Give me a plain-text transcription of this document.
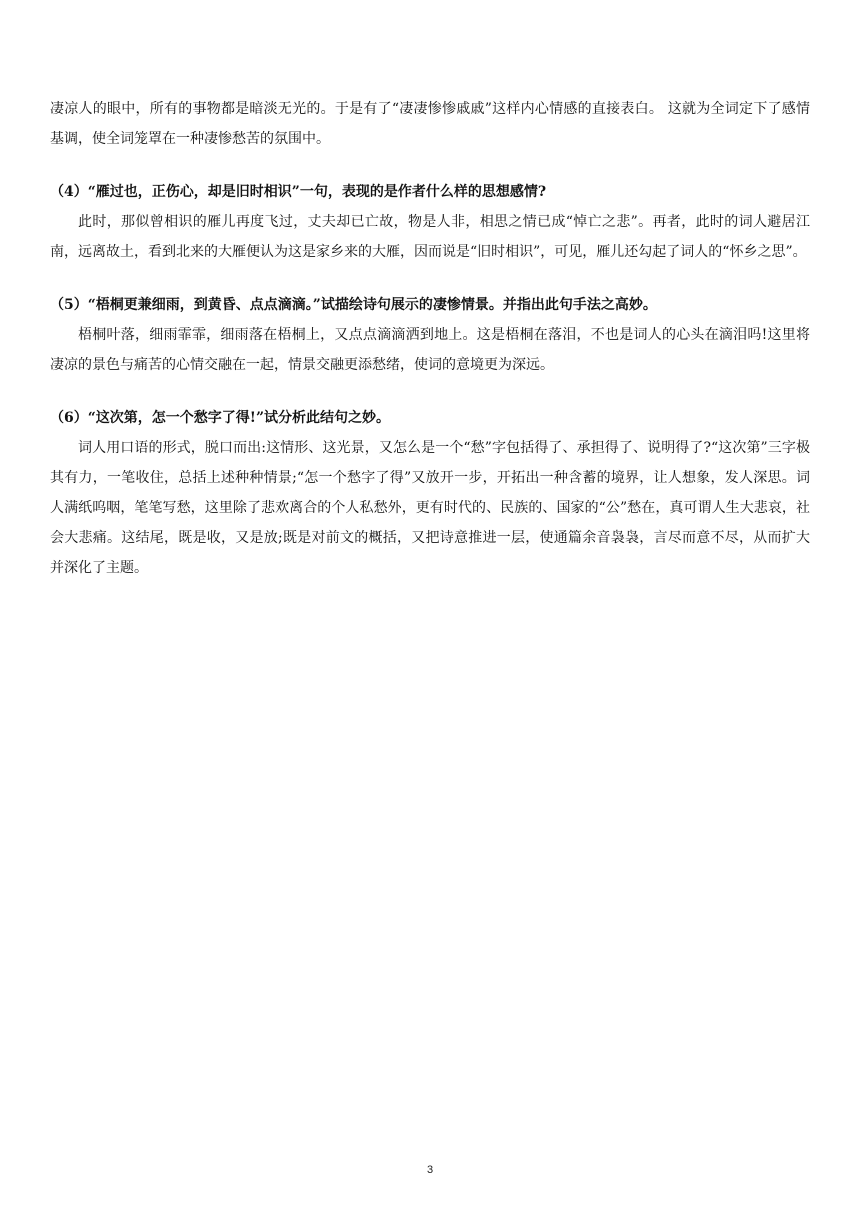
凄凉人的眼中，所有的事物都是暗淡无光的。于是有了“凄凄惨惨戚戚”这样内心情感的直接表白。 这就为全词定下了感情基调，使全词笼罩在一种凄惨愁苦的氛围中。

（4）“雁过也，正伤心，却是旧时相识”一句，表现的是作者什么样的思想感情?

此时，那似曾相识的雁儿再度飞过，丈夫却已亡故，物是人非，相思之情已成“悼亡之悲”。再者，此时的词人避居江南，远离故土，看到北来的大雁便认为这是家乡来的大雁，因而说是“旧时相识”，可见，雁儿还勾起了词人的“怀乡之思”。

（5）“梧桐更兼细雨，到黄昏、点点滴滴。”试描绘诗句展示的凄惨情景。并指出此句手法之高妙。

梧桐叶落，细雨霏霏，细雨落在梧桐上，又点点滴滴洒到地上。这是梧桐在落泪，不也是词人的心头在滴泪吗!这里将凄凉的景色与痛苦的心情交融在一起，情景交融更添愁绪，使词的意境更为深远。

（6）“这次第，怎一个愁字了得!”试分析此结句之妙。

词人用口语的形式，脱口而出:这情形、这光景，又怎么是一个“愁”字包括得了、承担得了、说明得了?“这次第”三字极其有力，一笔收住，总括上述种种情景;“怎一个愁字了得”又放开一步，开拓出一种含蓄的境界，让人想象，发人深思。词人满纸呜咽，笔笔写愁，这里除了悲欢离合的个人私愁外，更有时代的、民族的、国家的“公”愁在，真可谓人生大悲哀，社会大悲痛。这结尾，既是收，又是放;既是对前文的概括，又把诗意推进一层，使通篇余音袅袅，言尽而意不尽，从而扩大并深化了主题。

3
